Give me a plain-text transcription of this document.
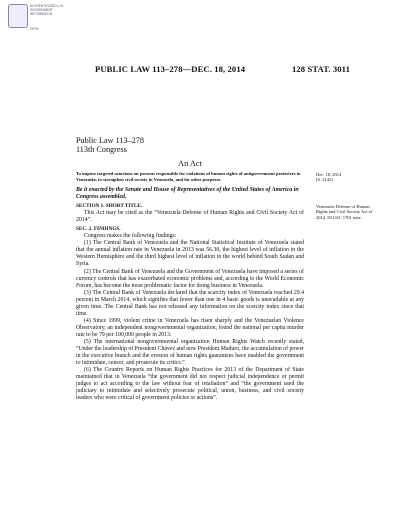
AUTHENTICATED U.S. GOVERNMENT INFORMATION
GPO
PUBLIC LAW 113–278—DEC. 18, 2014	128 STAT. 3011
Dec. 18, 2014
[S. 2142]
Venezuela Defense of Human Rights and Civil Society Act of 2014. 50 USC 1701 note.
Public Law 113–278
113th Congress
An Act
To impose targeted sanctions on persons responsible for violations of human rights of antigovernment protesters in Venezuela, to strengthen civil society in Venezuela, and for other purposes.
Be it enacted by the Senate and House of Representatives of the United States of America in Congress assembled,
SECTION 1. SHORT TITLE.
This Act may be cited as the “Venezuela Defense of Human Rights and Civil Society Act of 2014”.
SEC. 2. FINDINGS.
Congress makes the following findings:
(1) The Central Bank of Venezuela and the National Statistical Institute of Venezuela stated that the annual inflation rate in Venezuela in 2013 was 56.30, the highest level of inflation in the Western Hemisphere and the third highest level of inflation in the world behind South Sudan and Syria.
(2) The Central Bank of Venezuela and the Government of Venezuela have imposed a series of currency controls that has exacerbated economic problems and, according to the World Economic Forum, has become the most problematic factor for doing business in Venezuela.
(3) The Central Bank of Venezuela declared that the scarcity index of Venezuela reached 29.4 percent in March 2014, which signifies that fewer than one in 4 basic goods is unavailable at any given time. The Central Bank has not released any information on the scarcity index since that time.
(4) Since 1999, violent crime in Venezuela has risen sharply and the Venezuelan Violence Observatory, an independent nongovernmental organization, found the national per capita murder rate to be 79 per 100,000 people in 2013.
(5) The international nongovernmental organization Human Rights Watch recently stated, “Under the leadership of President Chávez and now President Maduro, the accumulation of power in the executive branch and the erosion of human rights guarantees have enabled the government to intimidate, censor, and prosecute its critics.”.
(6) The Country Reports on Human Rights Practices for 2013 of the Department of State maintained that in Venezuela “the government did not respect judicial independence or permit judges to act according to the law without fear of retaliation” and “the government used the judiciary to intimidate and selectively prosecute political, union, business, and civil society leaders who were critical of government policies or actions”.
